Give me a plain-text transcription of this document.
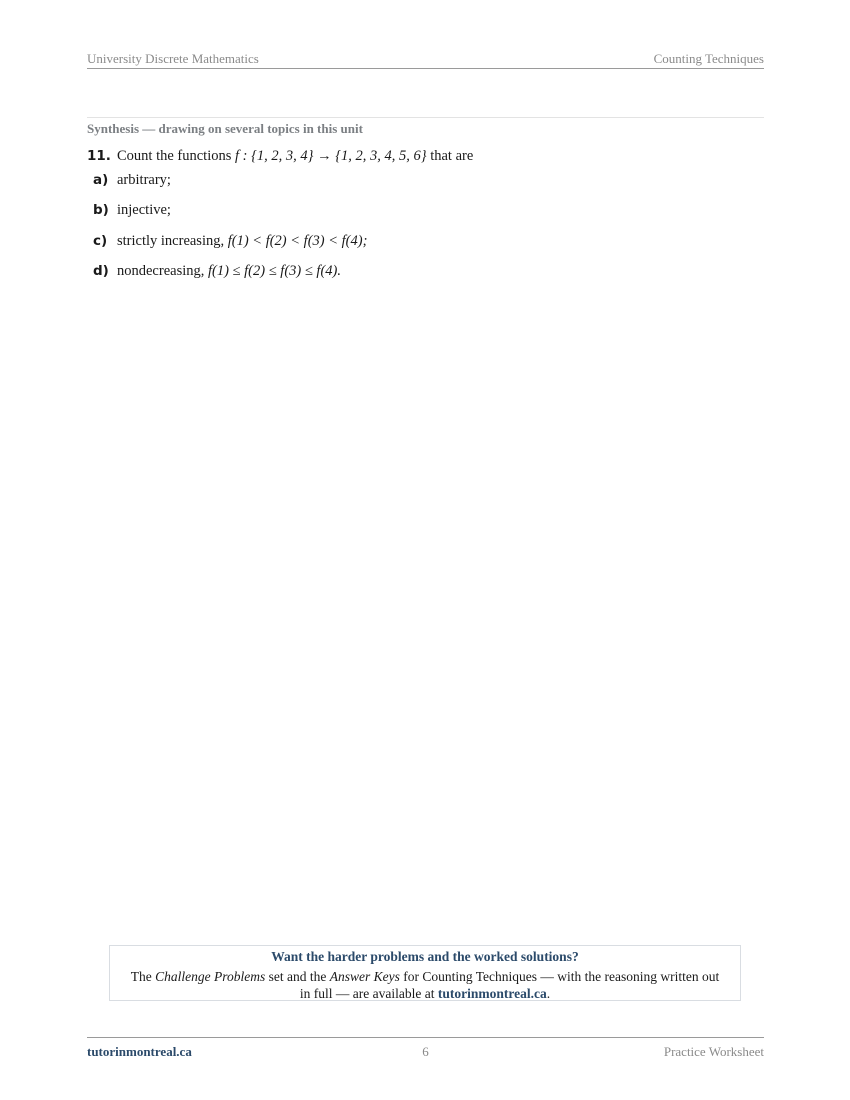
University Discrete Mathematics	Counting Techniques
Synthesis — drawing on several topics in this unit
11. Count the functions f : {1, 2, 3, 4} → {1, 2, 3, 4, 5, 6} that are
a) arbitrary;
b) injective;
c) strictly increasing, f(1) < f(2) < f(3) < f(4);
d) nondecreasing, f(1) ≤ f(2) ≤ f(3) ≤ f(4).
Want the harder problems and the worked solutions?
The Challenge Problems set and the Answer Keys for Counting Techniques — with the reasoning written out in full — are available at tutorinmontreal.ca.
tutorinmontreal.ca	6	Practice Worksheet
